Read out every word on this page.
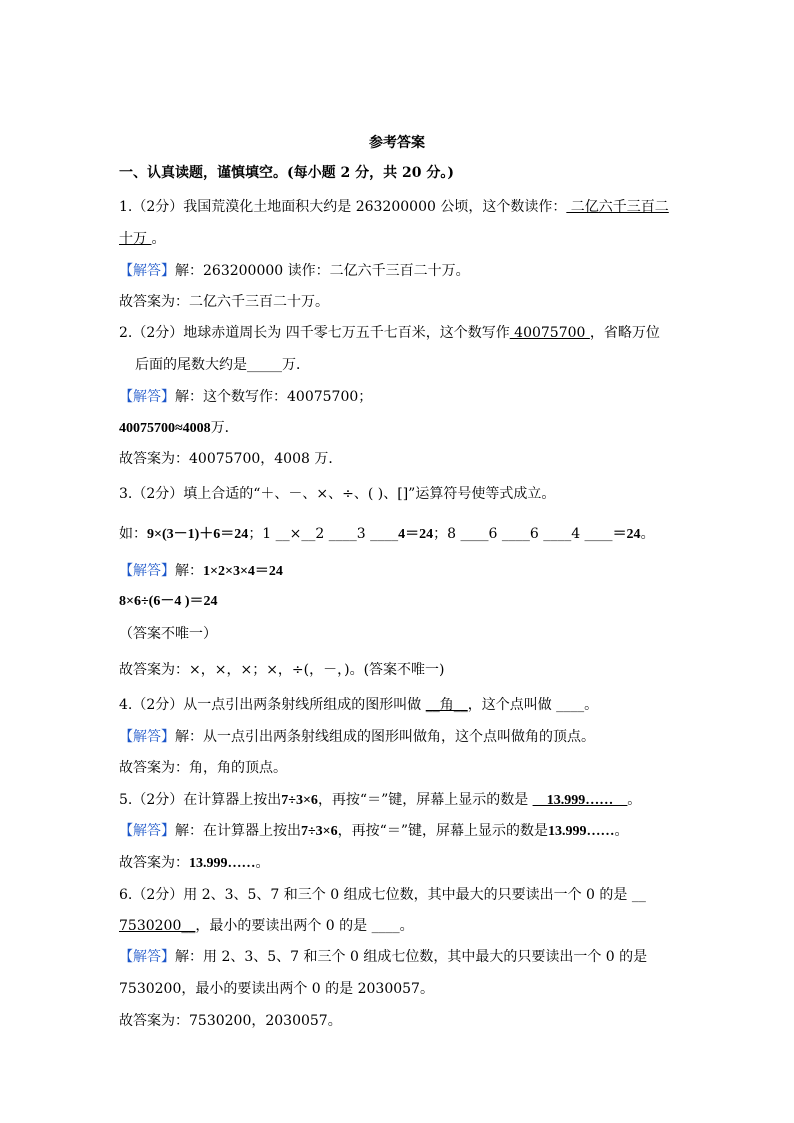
参考答案
一、认真读题，谨慎填空。(每小题 2 分，共 20 分。)
1.（2分）我国荒漠化土地面积大约是 263200000 公顷，这个数读作： 二亿六千三百二
十万 。
【解答】解：263200000 读作：二亿六千三百二十万。
故答案为：二亿六千三百二十万。
2.（2分）地球赤道周长为 四千零七万五千七百米，这个数写作 40075700 ，省略万位
后面的尾数大约是_____万．
【解答】解：这个数写作：40075700；
40075700≈4008万．
故答案为：40075700，4008 万．
3.（2分）填上合适的“＋、－、×、÷、( )、[]”运算符号使等式成立。
如：9×(3－1)＋6＝24；1 __×__2 ____3 ____4＝24；8 ____6 ____6 ____4 ____＝24。
【解答】解：1×2×3×4＝24
8×6÷(6－4 )＝24
（答案不唯一）
故答案为：×，×，×；×，÷(，－，)。(答案不唯一)
4.（2分）从一点引出两条射线所组成的图形叫做 __角__，这个点叫做 ____。
【解答】解：从一点引出两条射线组成的图形叫做角，这个点叫做角的顶点。
故答案为：角，角的顶点。
5.（2分）在计算器上按出7÷3×6，再按“＝”键，屏幕上显示的数是 __13.999……__。
【解答】解：在计算器上按出7÷3×6，再按“＝”键，屏幕上显示的数是13.999……。
故答案为：13.999……。
6.（2分）用 2、3、5、7 和三个 0 组成七位数，其中最大的只要读出一个 0 的是 __
7530200__，最小的要读出两个 0 的是 ____。
【解答】解：用 2、3、5、7 和三个 0 组成七位数，其中最大的只要读出一个 0 的是
7530200，最小的要读出两个 0 的是 2030057。
故答案为：7530200，2030057。
